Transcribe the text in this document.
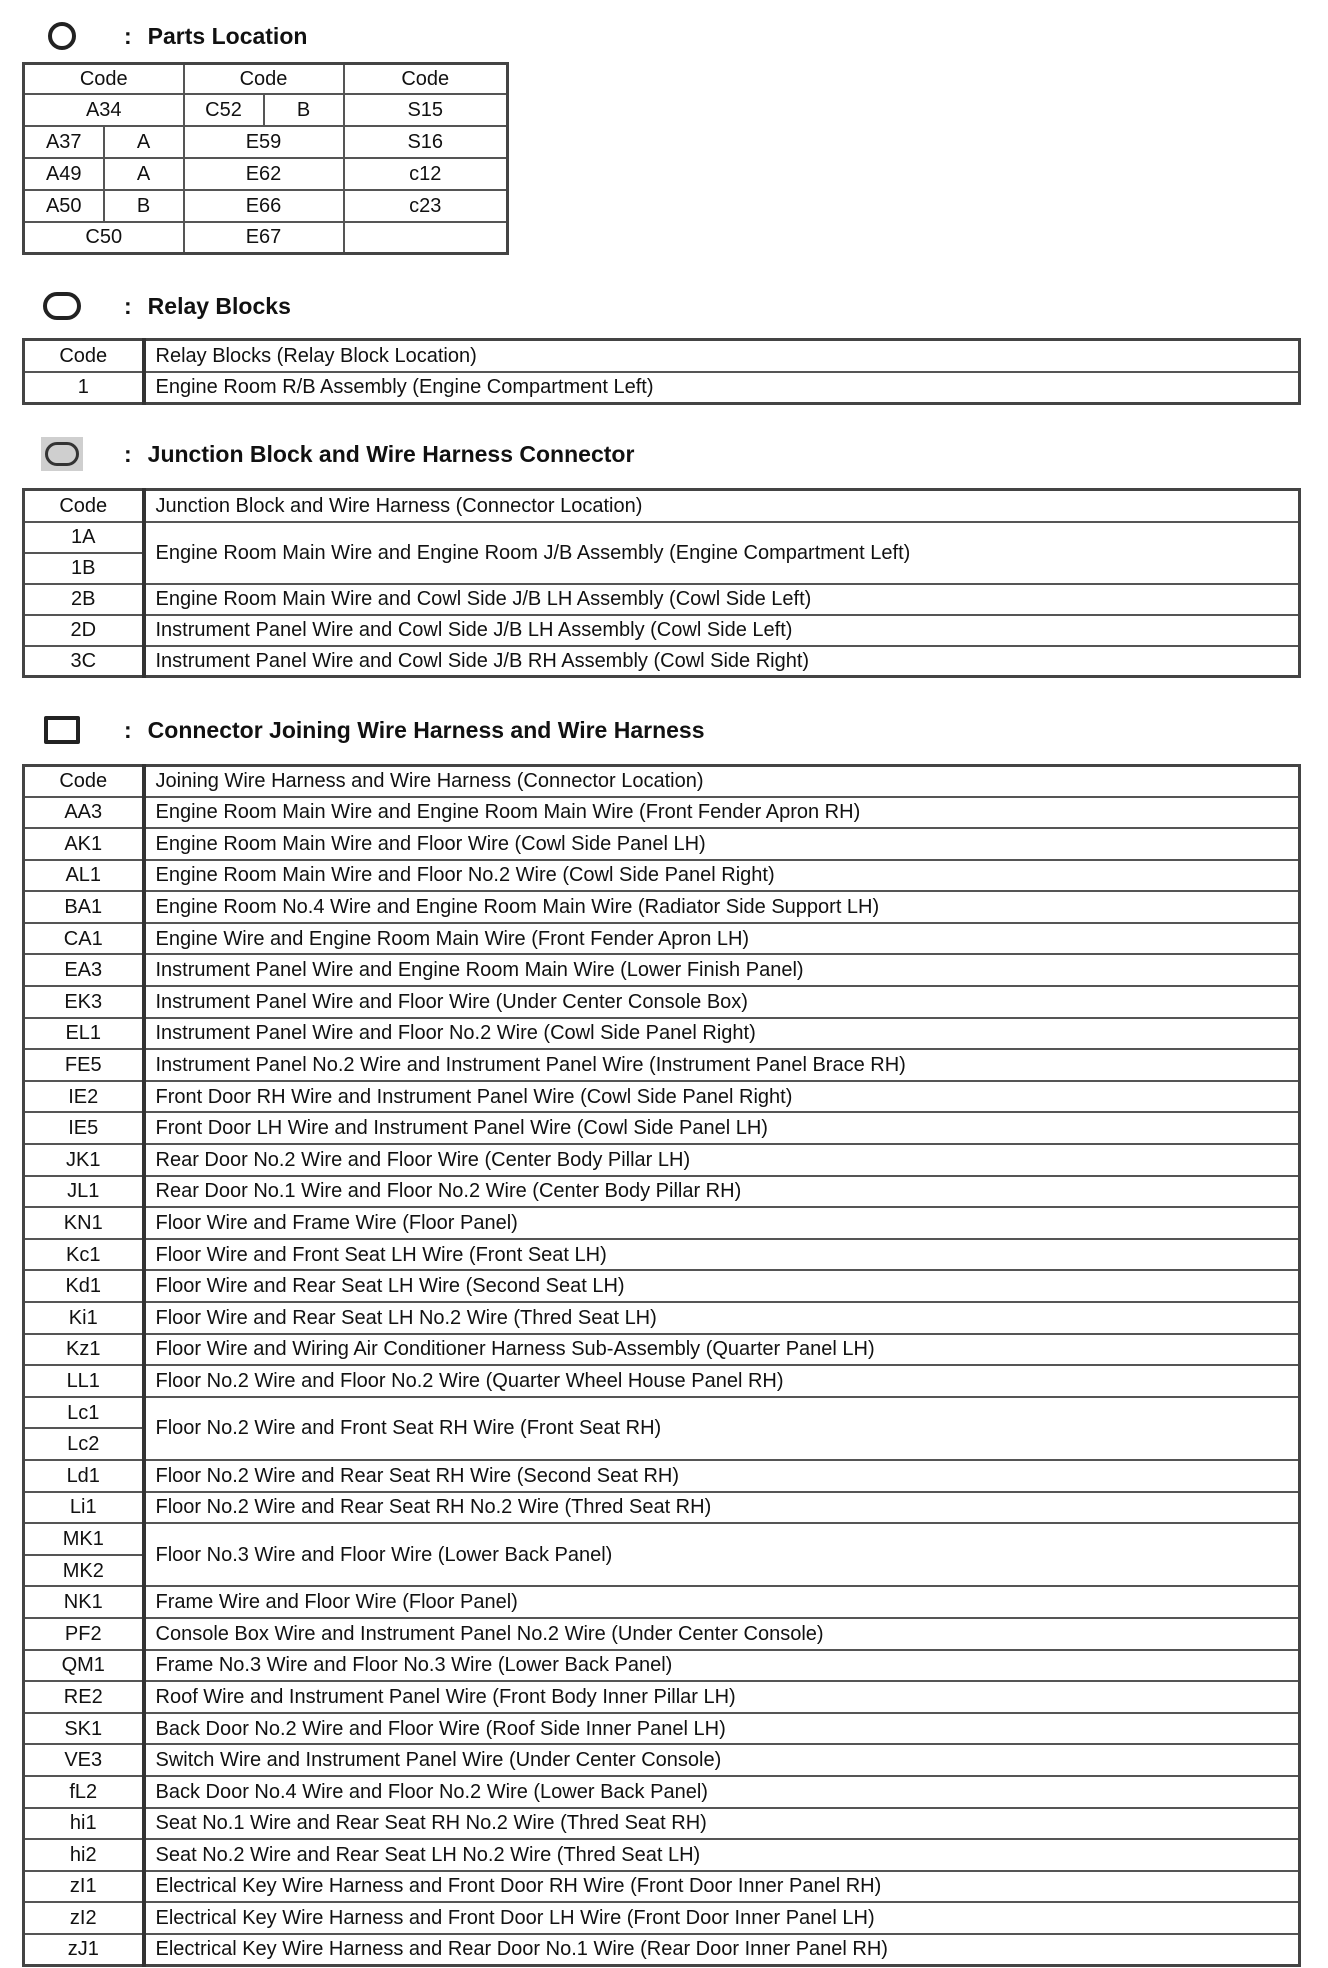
: Parts Location
Code		Code		Code
A34		C52	B	S15
A37	A	E59		S16
A49	A	E62		c12
A50	B	E66		c23
C50		E67		
: Relay Blocks
Code	Relay Blocks (Relay Block Location)
1	Engine Room R/B Assembly (Engine Compartment Left)
: Junction Block and Wire Harness Connector
Code	Junction Block and Wire Harness (Connector Location)
1A	Engine Room Main Wire and Engine Room J/B Assembly (Engine Compartment Left)
1B	
2B	Engine Room Main Wire and Cowl Side J/B LH Assembly (Cowl Side Left)
2D	Instrument Panel Wire and Cowl Side J/B LH Assembly (Cowl Side Left)
3C	Instrument Panel Wire and Cowl Side J/B RH Assembly (Cowl Side Right)
: Connector Joining Wire Harness and Wire Harness
Code	Joining Wire Harness and Wire Harness (Connector Location)
AA3	Engine Room Main Wire and Engine Room Main Wire (Front Fender Apron RH)
AK1	Engine Room Main Wire and Floor Wire (Cowl Side Panel LH)
AL1	Engine Room Main Wire and Floor No.2 Wire (Cowl Side Panel Right)
BA1	Engine Room No.4 Wire and Engine Room Main Wire (Radiator Side Support LH)
CA1	Engine Wire and Engine Room Main Wire (Front Fender Apron LH)
EA3	Instrument Panel Wire and Engine Room Main Wire (Lower Finish Panel)
EK3	Instrument Panel Wire and Floor Wire (Under Center Console Box)
EL1	Instrument Panel Wire and Floor No.2 Wire (Cowl Side Panel Right)
FE5	Instrument Panel No.2 Wire and Instrument Panel Wire (Instrument Panel Brace RH)
IE2	Front Door RH Wire and Instrument Panel Wire (Cowl Side Panel Right)
IE5	Front Door LH Wire and Instrument Panel Wire (Cowl Side Panel LH)
JK1	Rear Door No.2 Wire and Floor Wire (Center Body Pillar LH)
JL1	Rear Door No.1 Wire and Floor No.2 Wire (Center Body Pillar RH)
KN1	Floor Wire and Frame Wire (Floor Panel)
Kc1	Floor Wire and Front Seat LH Wire (Front Seat LH)
Kd1	Floor Wire and Rear Seat LH Wire (Second Seat LH)
Ki1	Floor Wire and Rear Seat LH No.2 Wire (Thred Seat LH)
Kz1	Floor Wire and Wiring Air Conditioner Harness Sub-Assembly (Quarter Panel LH)
LL1	Floor No.2 Wire and Floor No.2 Wire (Quarter Wheel House Panel RH)
Lc1	Floor No.2 Wire and Front Seat RH Wire (Front Seat RH)
Lc2	
Ld1	Floor No.2 Wire and Rear Seat RH Wire (Second Seat RH)
Li1	Floor No.2 Wire and Rear Seat RH No.2 Wire (Thred Seat RH)
MK1	Floor No.3 Wire and Floor Wire (Lower Back Panel)
MK2	
NK1	Frame Wire and Floor Wire (Floor Panel)
PF2	Console Box Wire and Instrument Panel No.2 Wire (Under Center Console)
QM1	Frame No.3 Wire and Floor No.3 Wire (Lower Back Panel)
RE2	Roof Wire and Instrument Panel Wire (Front Body Inner Pillar LH)
SK1	Back Door No.2 Wire and Floor Wire (Roof Side Inner Panel LH)
VE3	Switch Wire and Instrument Panel Wire (Under Center Console)
fL2	Back Door No.4 Wire and Floor No.2 Wire (Lower Back Panel)
hi1	Seat No.1 Wire and Rear Seat RH No.2 Wire (Thred Seat RH)
hi2	Seat No.2 Wire and Rear Seat LH No.2 Wire (Thred Seat LH)
zI1	Electrical Key Wire Harness and Front Door RH Wire (Front Door Inner Panel RH)
zI2	Electrical Key Wire Harness and Front Door LH Wire (Front Door Inner Panel LH)
zJ1	Electrical Key Wire Harness and Rear Door No.1 Wire (Rear Door Inner Panel RH)
